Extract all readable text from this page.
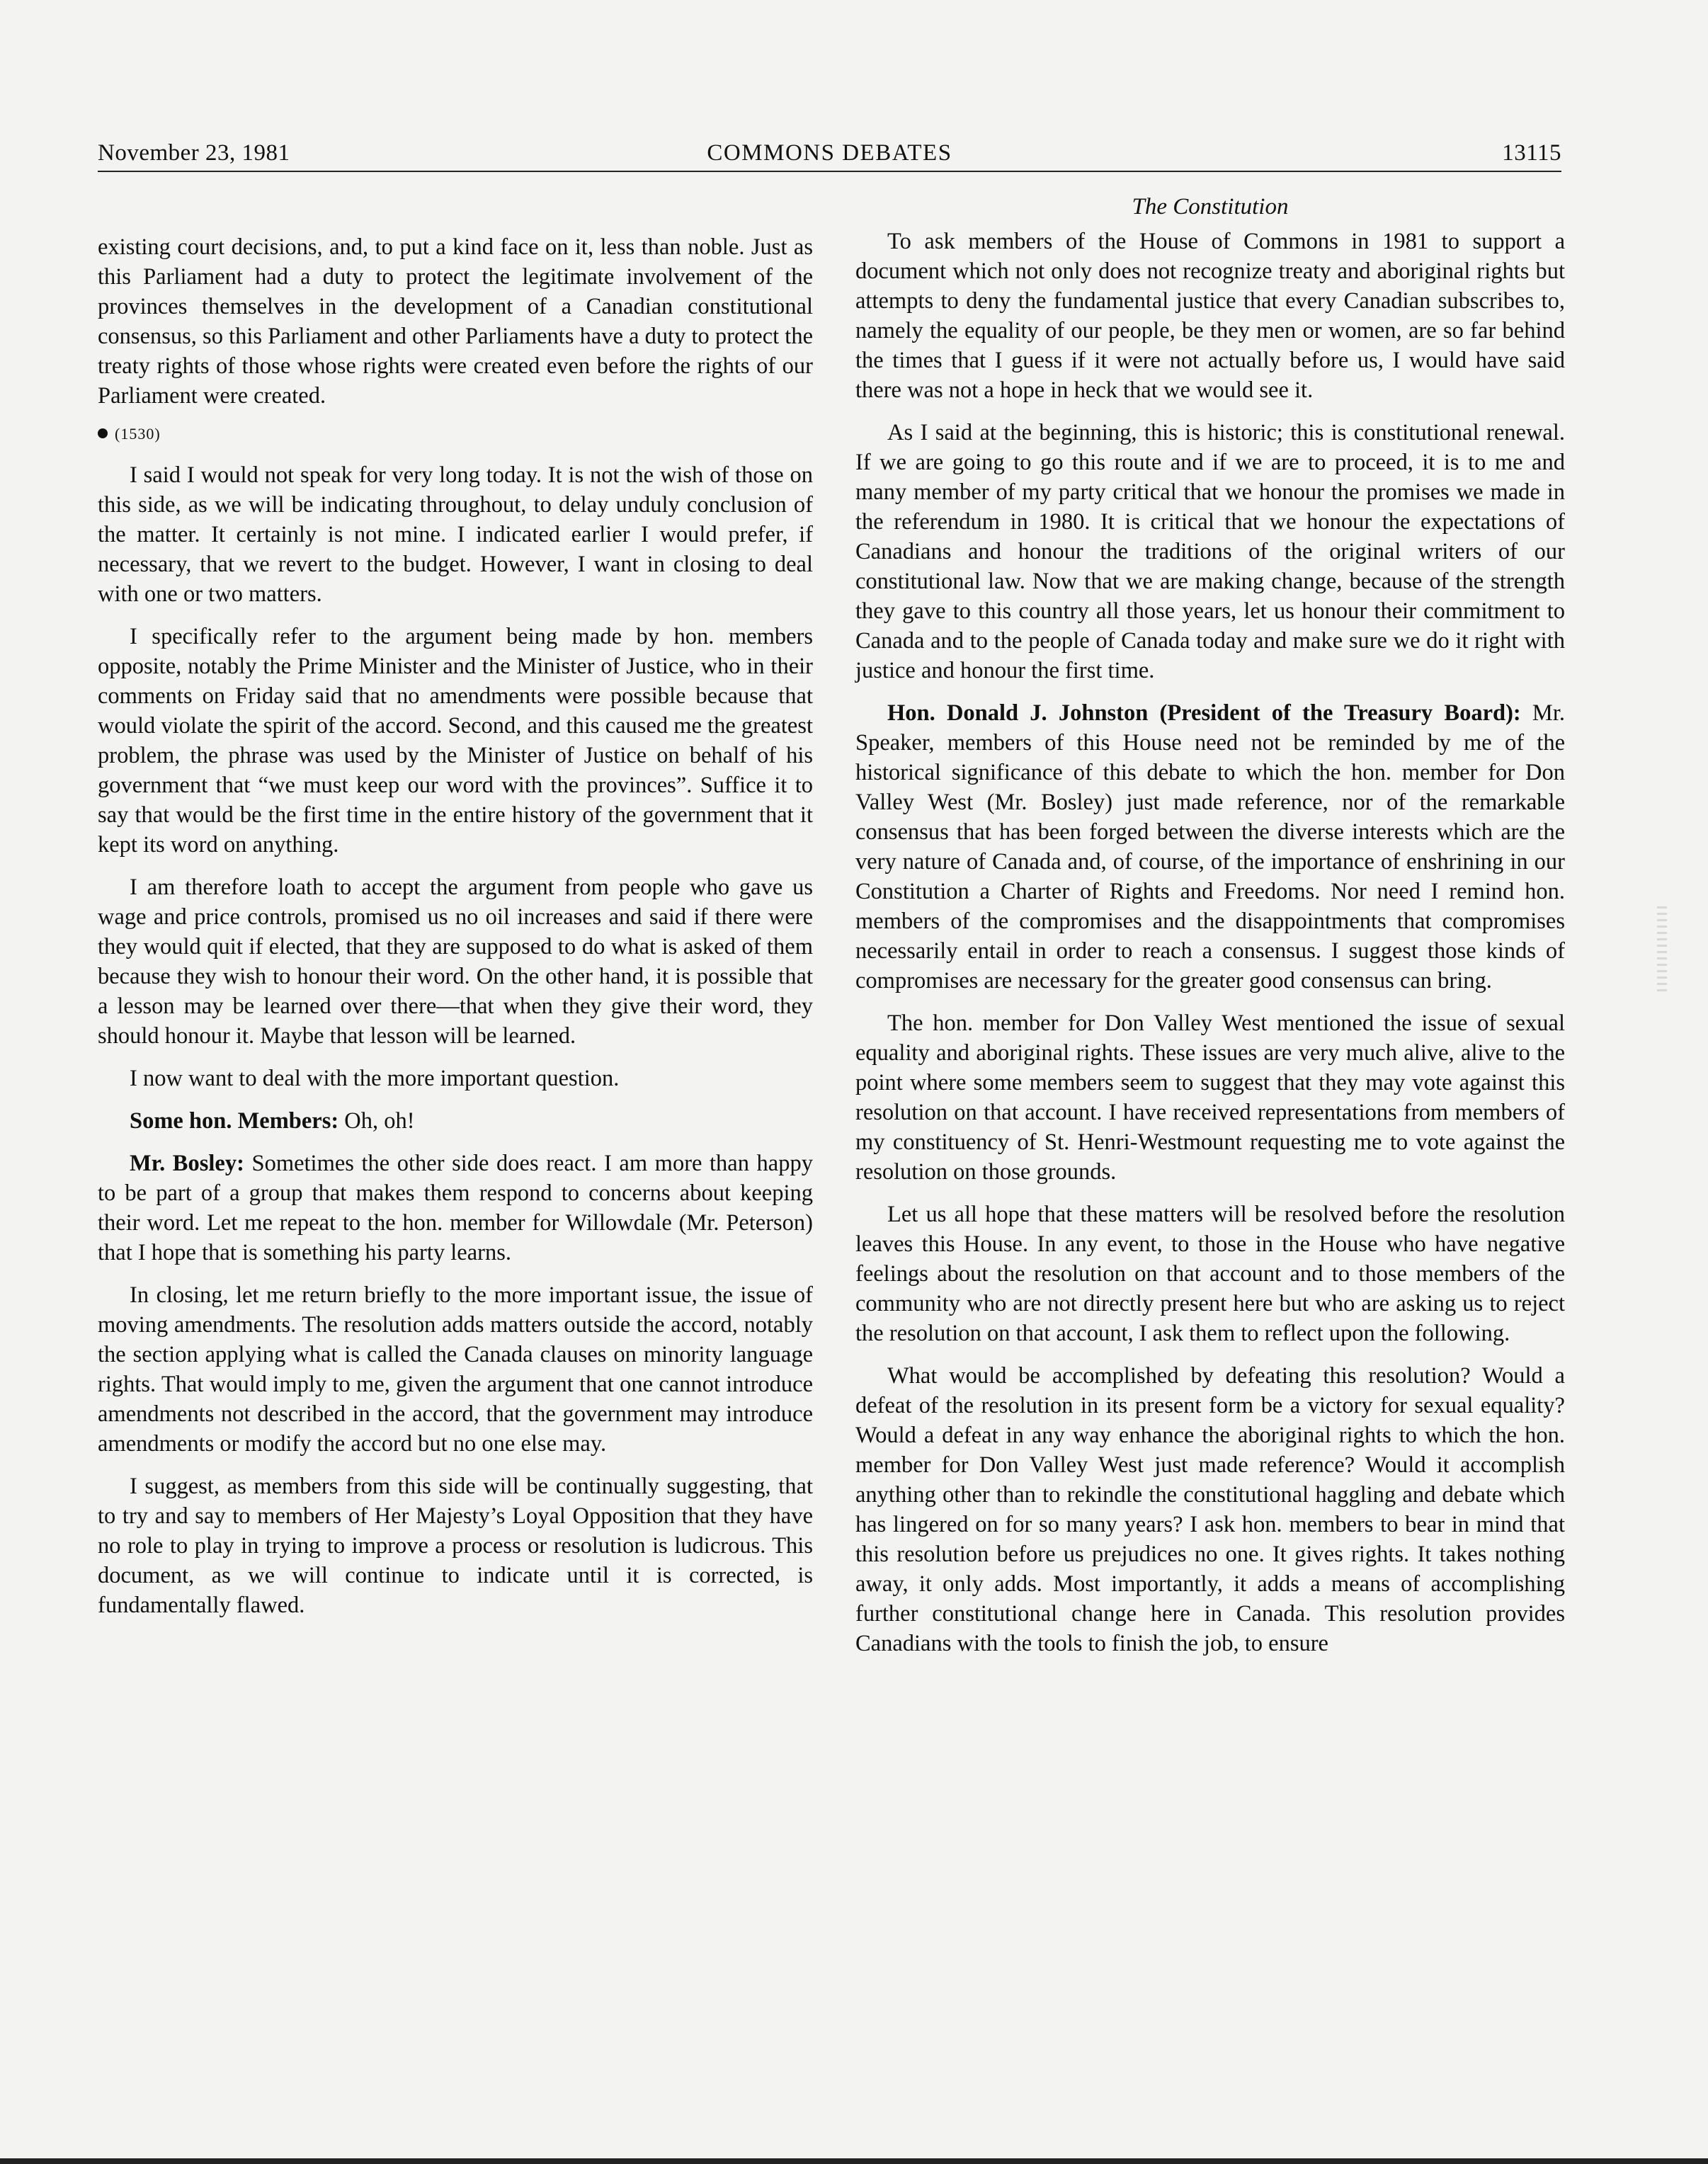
November 23, 1981	COMMONS DEBATES	13115

existing court decisions, and, to put a kind face on it, less than noble. Just as this Parliament had a duty to protect the legitimate involvement of the provinces themselves in the development of a Canadian constitutional consensus, so this Parliament and other Parliaments have a duty to protect the treaty rights of those whose rights were created even before the rights of our Parliament were created.

(1530)

I said I would not speak for very long today. It is not the wish of those on this side, as we will be indicating throughout, to delay unduly conclusion of the matter. It certainly is not mine. I indicated earlier I would prefer, if necessary, that we revert to the budget. However, I want in closing to deal with one or two matters.

I specifically refer to the argument being made by hon. members opposite, notably the Prime Minister and the Minister of Justice, who in their comments on Friday said that no amendments were possible because that would violate the spirit of the accord. Second, and this caused me the greatest problem, the phrase was used by the Minister of Justice on behalf of his government that “we must keep our word with the provinces”. Suffice it to say that would be the first time in the entire history of the government that it kept its word on anything.

I am therefore loath to accept the argument from people who gave us wage and price controls, promised us no oil increases and said if there were they would quit if elected, that they are supposed to do what is asked of them because they wish to honour their word. On the other hand, it is possible that a lesson may be learned over there—that when they give their word, they should honour it. Maybe that lesson will be learned.

I now want to deal with the more important question.

Some hon. Members: Oh, oh!

Mr. Bosley: Sometimes the other side does react. I am more than happy to be part of a group that makes them respond to concerns about keeping their word. Let me repeat to the hon. member for Willowdale (Mr. Peterson) that I hope that is something his party learns.

In closing, let me return briefly to the more important issue, the issue of moving amendments. The resolution adds matters outside the accord, notably the section applying what is called the Canada clauses on minority language rights. That would imply to me, given the argument that one cannot introduce amendments not described in the accord, that the government may introduce amendments or modify the accord but no one else may.

I suggest, as members from this side will be continually suggesting, that to try and say to members of Her Majesty’s Loyal Opposition that they have no role to play in trying to improve a process or resolution is ludicrous. This document, as we will continue to indicate until it is corrected, is fundamentally flawed.

The Constitution

To ask members of the House of Commons in 1981 to support a document which not only does not recognize treaty and aboriginal rights but attempts to deny the fundamental justice that every Canadian subscribes to, namely the equality of our people, be they men or women, are so far behind the times that I guess if it were not actually before us, I would have said there was not a hope in heck that we would see it.

As I said at the beginning, this is historic; this is constitutional renewal. If we are going to go this route and if we are to proceed, it is to me and many member of my party critical that we honour the promises we made in the referendum in 1980. It is critical that we honour the expectations of Canadians and honour the traditions of the original writers of our constitutional law. Now that we are making change, because of the strength they gave to this country all those years, let us honour their commitment to Canada and to the people of Canada today and make sure we do it right with justice and honour the first time.

Hon. Donald J. Johnston (President of the Treasury Board): Mr. Speaker, members of this House need not be reminded by me of the historical significance of this debate to which the hon. member for Don Valley West (Mr. Bosley) just made reference, nor of the remarkable consensus that has been forged between the diverse interests which are the very nature of Canada and, of course, of the importance of enshrining in our Constitution a Charter of Rights and Freedoms. Nor need I remind hon. members of the compromises and the disappointments that compromises necessarily entail in order to reach a consensus. I suggest those kinds of compromises are necessary for the greater good consensus can bring.

The hon. member for Don Valley West mentioned the issue of sexual equality and aboriginal rights. These issues are very much alive, alive to the point where some members seem to suggest that they may vote against this resolution on that account. I have received representations from members of my constituency of St. Henri-Westmount requesting me to vote against the resolution on those grounds.

Let us all hope that these matters will be resolved before the resolution leaves this House. In any event, to those in the House who have negative feelings about the resolution on that account and to those members of the community who are not directly present here but who are asking us to reject the resolution on that account, I ask them to reflect upon the following.

What would be accomplished by defeating this resolution? Would a defeat of the resolution in its present form be a victory for sexual equality? Would a defeat in any way enhance the aboriginal rights to which the hon. member for Don Valley West just made reference? Would it accomplish anything other than to rekindle the constitutional haggling and debate which has lingered on for so many years? I ask hon. members to bear in mind that this resolution before us prejudices no one. It gives rights. It takes nothing away, it only adds. Most importantly, it adds a means of accomplishing further constitutional change here in Canada. This resolution provides Canadians with the tools to finish the job, to ensure
